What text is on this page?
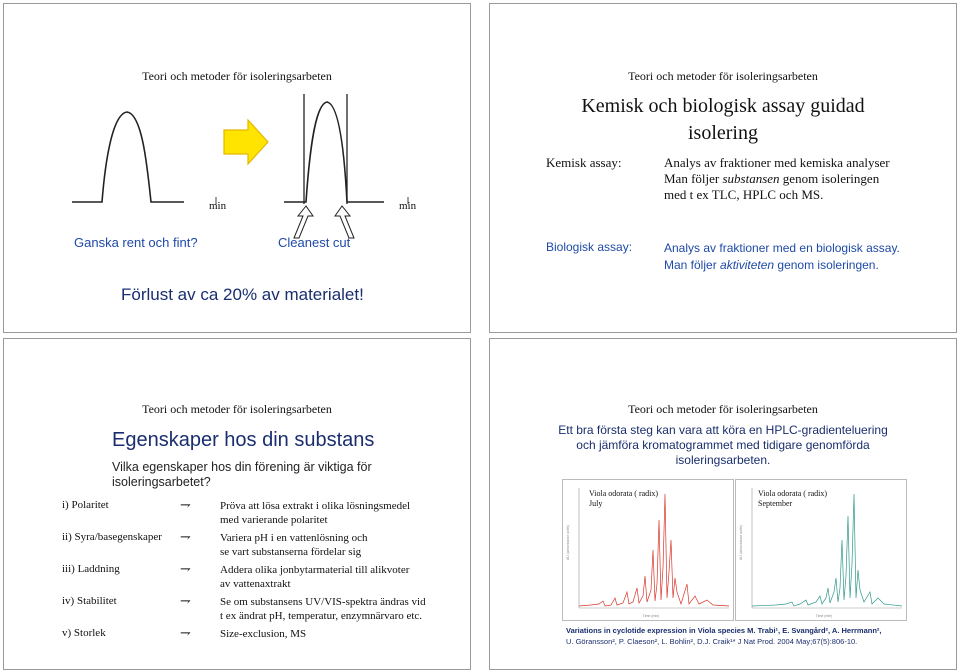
Teori och metoder för isoleringsarbeten
min	min
Ganska rent och fint?	Cleanest cut
Förlust av ca 20% av materialet!
Teori och metoder för isoleringsarbeten
Kemisk och biologisk assay guidad
isolering
Kemisk assay:	Analys av fraktioner med kemiska analyser
Man följer substansen genom isoleringen
med t ex TLC, HPLC och MS.
Biologisk assay:	Analys av fraktioner med en biologisk assay.
Man följer aktiviteten genom isoleringen.
Teori och metoder för isoleringsarbeten
Egenskaper hos din substans
Vilka egenskaper hos din förening är viktiga för
isoleringsarbetet?
i) Polaritet	⇁	Pröva att lösa extrakt i olika lösningsmedel
med varierande polaritet
ii) Syra/basegenskaper ⇁	Variera pH i en vattenlösning och
se vart substanserna fördelar sig
iii) Laddning	⇁	Addera olika jonbytarmaterial till alikvoter
av vattenaxtrakt
iv) Stabilitet	⇁	Se om substansens UV/VIS-spektra ändras vid
t ex ändrat pH, temperatur, enzymnärvaro etc.
v) Storlek	⇁	Size-exclusion, MS
Teori och metoder för isoleringsarbeten
Ett bra första steg kan vara att köra en HPLC-gradienteluering
och jämföra kromatogrammet med tidigare genomförda
isoleringsarbeten.
Viola odorata ( radix)
July
AU (absorbance units)
Time (min)
Viola odorata ( radix)
September
AU (absorbance units)
Time (min)
Variations in cyclotide expression in Viola species M. Trabi¹, E. Svangård², A. Herrmann²,
U. Göransson², P. Claeson², L. Bohlin², D.J. Craik¹* J Nat Prod. 2004 May;67(5):806-10.
